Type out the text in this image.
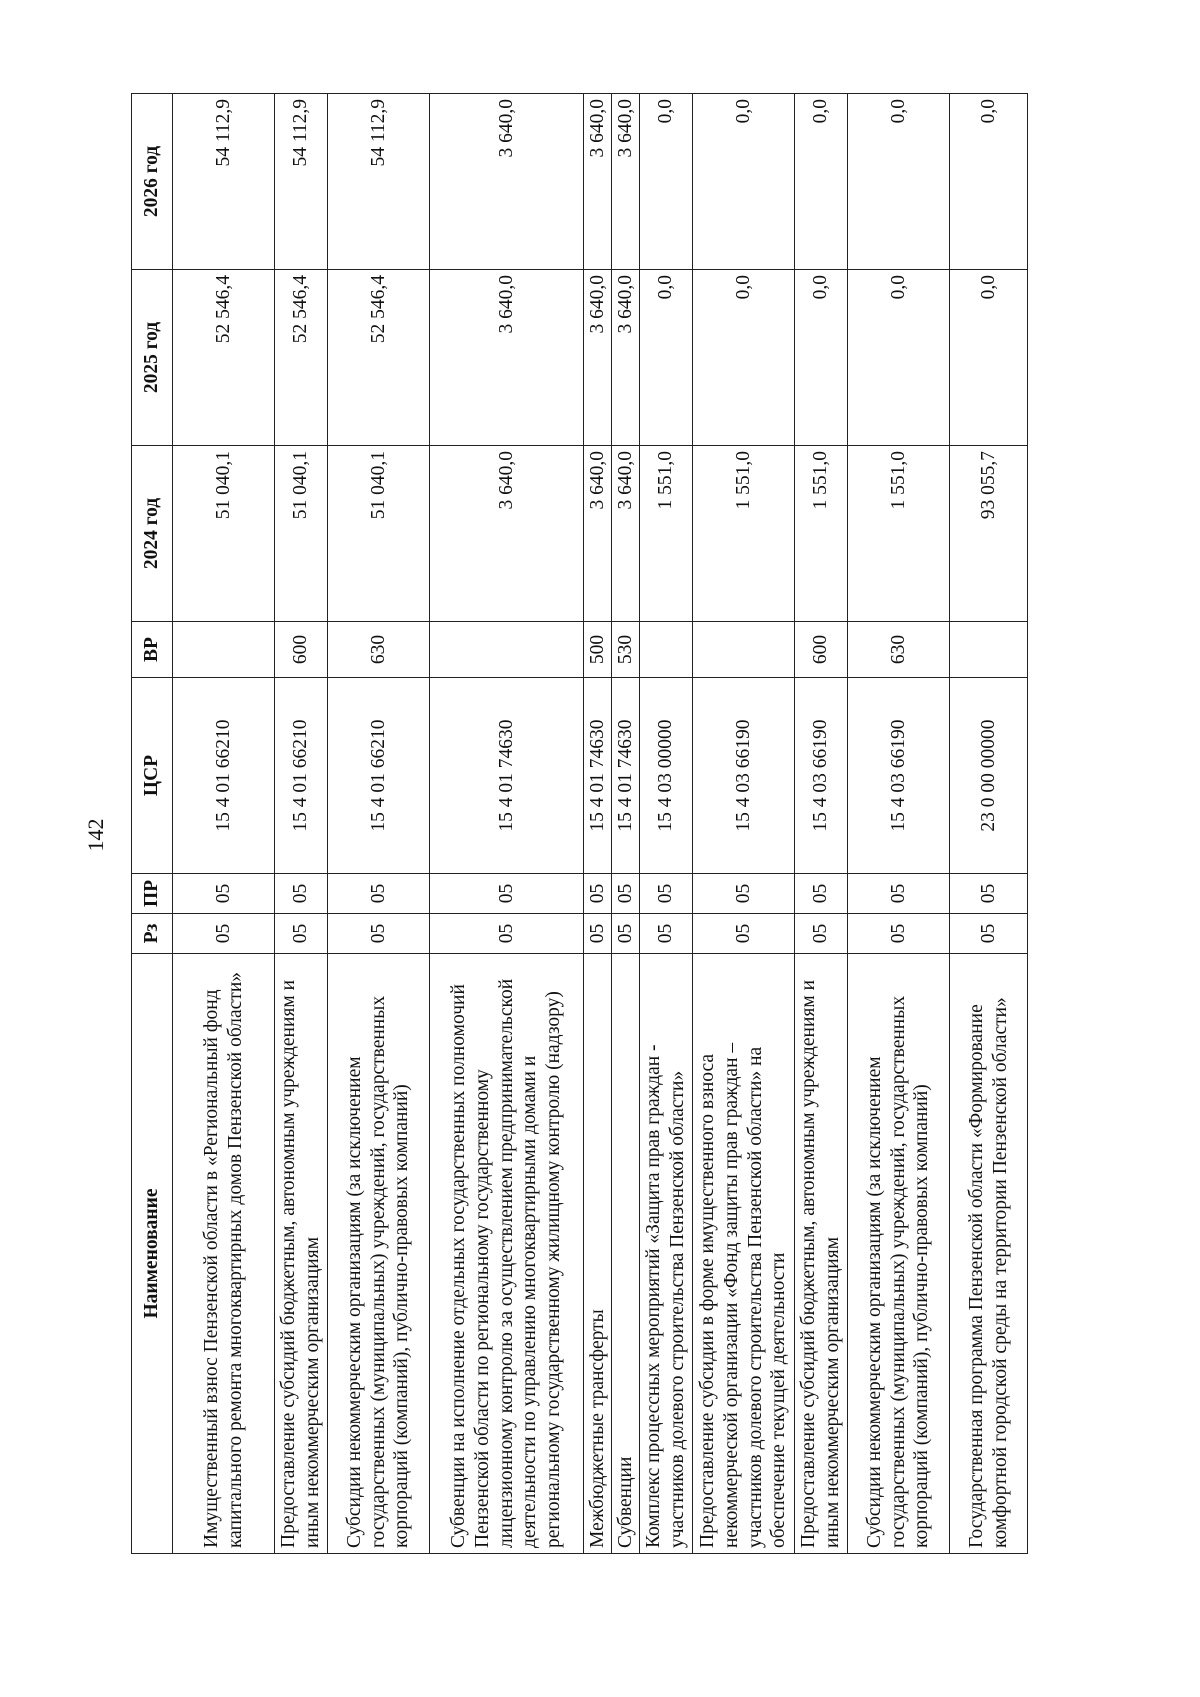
142
Наименование	Рз	ПР	ЦСР	ВР	2024 год	2025 год	2026 год
Имущественный взнос Пензенской области в «Региональный фонд капитального ремонта многоквартирных домов Пензенской области»	05	05	15 4 01 66210		51 040,1	52 546,4	54 112,9
Предоставление субсидий бюджетным, автономным учреждениям и иным некоммерческим организациям	05	05	15 4 01 66210	600	51 040,1	52 546,4	54 112,9
Субсидии некоммерческим организациям (за исключением государственных (муниципальных) учреждений, государственных корпораций (компаний), публично-правовых компаний)	05	05	15 4 01 66210	630	51 040,1	52 546,4	54 112,9
Субвенции на исполнение отдельных государственных полномочий Пензенской области по региональному государственному лицензионному контролю за осуществлением предпринимательской деятельности по управлению многоквартирными домами и региональному государственному жилищному контролю (надзору)	05	05	15 4 01 74630		3 640,0	3 640,0	3 640,0
Межбюджетные трансферты	05	05	15 4 01 74630	500	3 640,0	3 640,0	3 640,0
Субвенции	05	05	15 4 01 74630	530	3 640,0	3 640,0	3 640,0
Комплекс процессных мероприятий «Защита прав граждан - участников долевого строительства Пензенской области»	05	05	15 4 03 00000		1 551,0	0,0	0,0
Предоставление субсидии в форме имущественного взноса некоммерческой организации «Фонд защиты прав граждан – участников долевого строительства Пензенской области» на обеспечение текущей деятельности	05	05	15 4 03 66190		1 551,0	0,0	0,0
Предоставление субсидий бюджетным, автономным учреждениям и иным некоммерческим организациям	05	05	15 4 03 66190	600	1 551,0	0,0	0,0
Субсидии некоммерческим организациям (за исключением государственных (муниципальных) учреждений, государственных корпораций (компаний), публично-правовых компаний)	05	05	15 4 03 66190	630	1 551,0	0,0	0,0
Государственная программа Пензенской области «Формирование комфортной городской среды на территории Пензенской области»	05	05	23 0 00 00000		93 055,7	0,0	0,0
